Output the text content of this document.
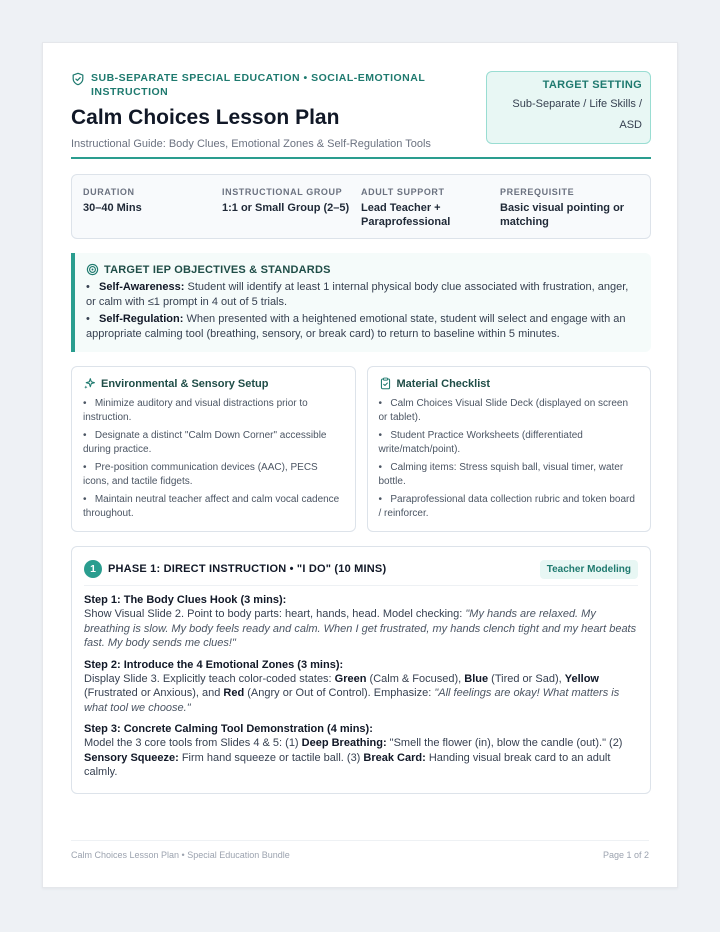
SUB-SEPARATE SPECIAL EDUCATION • SOCIAL-EMOTIONAL INSTRUCTION
Calm Choices Lesson Plan
Instructional Guide: Body Clues, Emotional Zones & Self-Regulation Tools
TARGET SETTING
Sub-Separate / Life Skills / ASD
DURATION
30–40 Mins
INSTRUCTIONAL GROUP
1:1 or Small Group (2–5)
ADULT SUPPORT
Lead Teacher + Paraprofessional
PREREQUISITE
Basic visual pointing or matching
TARGET IEP OBJECTIVES & STANDARDS
•   Self-Awareness: Student will identify at least 1 internal physical body clue associated with frustration, anger, or calm with ≤1 prompt in 4 out of 5 trials.
•   Self-Regulation: When presented with a heightened emotional state, student will select and engage with an appropriate calming tool (breathing, sensory, or break card) to return to baseline within 5 minutes.
Environmental & Sensory Setup
•   Minimize auditory and visual distractions prior to instruction.
•   Designate a distinct "Calm Down Corner" accessible during practice.
•   Pre-position communication devices (AAC), PECS icons, and tactile fidgets.
•   Maintain neutral teacher affect and calm vocal cadence throughout.
Material Checklist
•   Calm Choices Visual Slide Deck (displayed on screen or tablet).
•   Student Practice Worksheets (differentiated write/match/point).
•   Calming items: Stress squish ball, visual timer, water bottle.
•   Paraprofessional data collection rubric and token board / reinforcer.
1	PHASE 1: DIRECT INSTRUCTION • "I DO" (10 MINS)	Teacher Modeling
Step 1: The Body Clues Hook (3 mins):
Show Visual Slide 2. Point to body parts: heart, hands, head. Model checking: "My hands are relaxed. My breathing is slow. My body feels ready and calm. When I get frustrated, my hands clench tight and my heart beats fast. My body sends me clues!"
Step 2: Introduce the 4 Emotional Zones (3 mins):
Display Slide 3. Explicitly teach color-coded states: Green (Calm & Focused), Blue (Tired or Sad), Yellow (Frustrated or Anxious), and Red (Angry or Out of Control). Emphasize: "All feelings are okay! What matters is what tool we choose."
Step 3: Concrete Calming Tool Demonstration (4 mins):
Model the 3 core tools from Slides 4 & 5: (1) Deep Breathing: "Smell the flower (in), blow the candle (out)." (2) Sensory Squeeze: Firm hand squeeze or tactile ball. (3) Break Card: Handing visual break card to an adult calmly.
Calm Choices Lesson Plan • Special Education Bundle	Page 1 of 2
